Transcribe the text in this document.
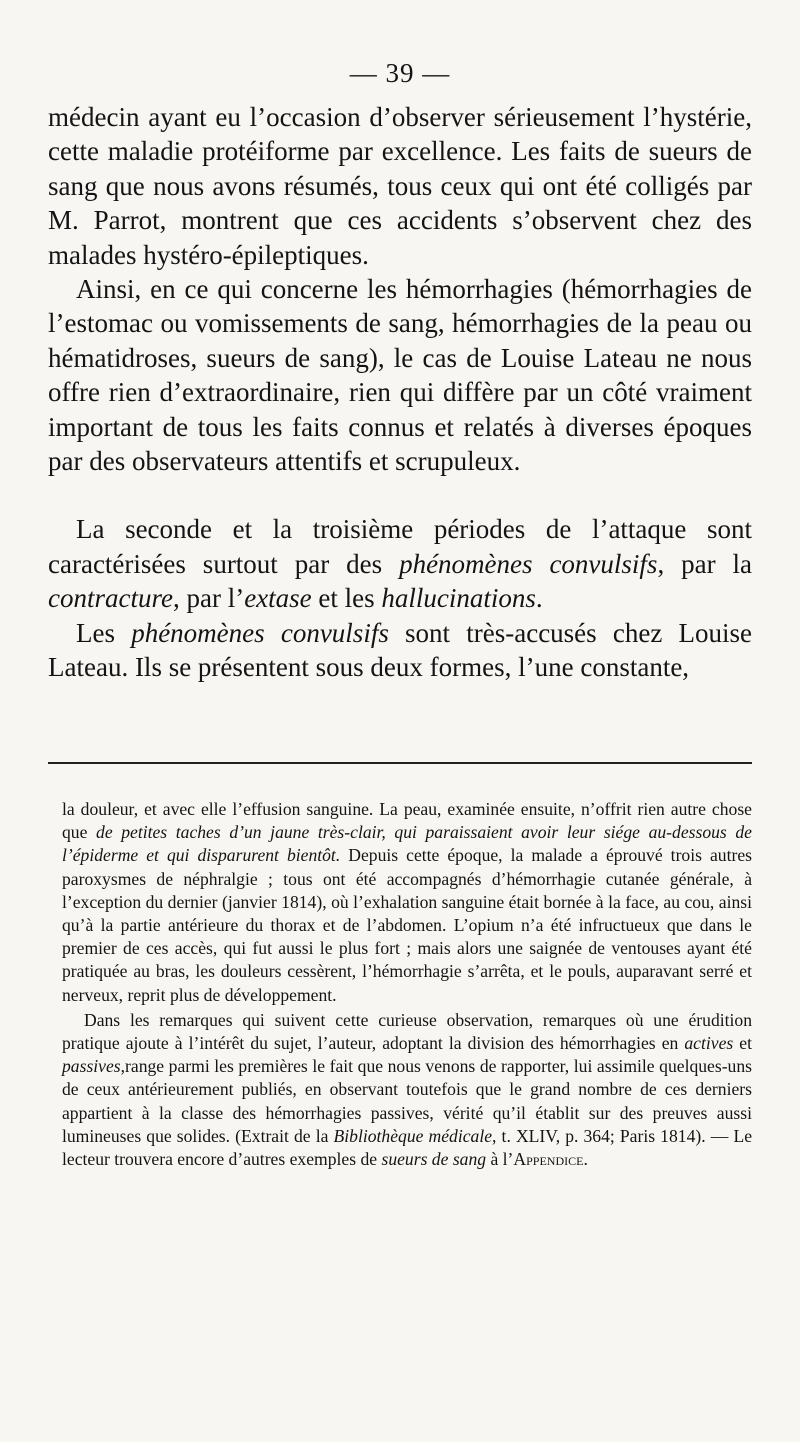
— 39 —

médecin ayant eu l’occasion d’observer sérieusement l’hystérie, cette maladie protéiforme par excellence. Les faits de sueurs de sang que nous avons résumés, tous ceux qui ont été colligés par M. Parrot, montrent que ces accidents s’observent chez des malades hystéro-épileptiques.

Ainsi, en ce qui concerne les hémorrhagies (hémorrhagies de l’estomac ou vomissements de sang, hémorrhagies de la peau ou hématidroses, sueurs de sang), le cas de Louise Lateau ne nous offre rien d’extraordinaire, rien qui diffère par un côté vraiment important de tous les faits connus et relatés à diverses époques par des observateurs attentifs et scrupuleux.

La seconde et la troisième périodes de l’attaque sont caractérisées surtout par des phénomènes convulsifs, par la contracture, par l’extase et les hallucinations.

Les phénomènes convulsifs sont très-accusés chez Louise Lateau. Ils se présentent sous deux formes, l’une constante,

la douleur, et avec elle l’effusion sanguine. La peau, examinée ensuite, n’offrit rien autre chose que de petites taches d’un jaune très-clair, qui paraissaient avoir leur siége au-dessous de l’épiderme et qui disparurent bientôt. Depuis cette époque, la malade a éprouvé trois autres paroxysmes de néphralgie ; tous ont été accompagnés d’hémorrhagie cutanée générale, à l’exception du dernier (janvier 1814), où l’exhalation sanguine était bornée à la face, au cou, ainsi qu’à la partie antérieure du thorax et de l’abdomen. L’opium n’a été infructueux que dans le premier de ces accès, qui fut aussi le plus fort ; mais alors une saignée de ventouses ayant été pratiquée au bras, les douleurs cessèrent, l’hémorrhagie s’arrêta, et le pouls, auparavant serré et nerveux, reprit plus de développement.

Dans les remarques qui suivent cette curieuse observation, remarques où une érudition pratique ajoute à l’intérêt du sujet, l’auteur, adoptant la division des hémorrhagies en actives et passives,range parmi les premières le fait que nous venons de rapporter, lui assimile quelques-uns de ceux antérieurement publiés, en observant toutefois que le grand nombre de ces derniers appartient à la classe des hémorrhagies passives, vérité qu’il établit sur des preuves aussi lumineuses que solides. (Extrait de la Bibliothèque médicale, t. XLIV, p. 364; Paris 1814). — Le lecteur trouvera encore d’autres exemples de sueurs de sang à l’Appendice.
